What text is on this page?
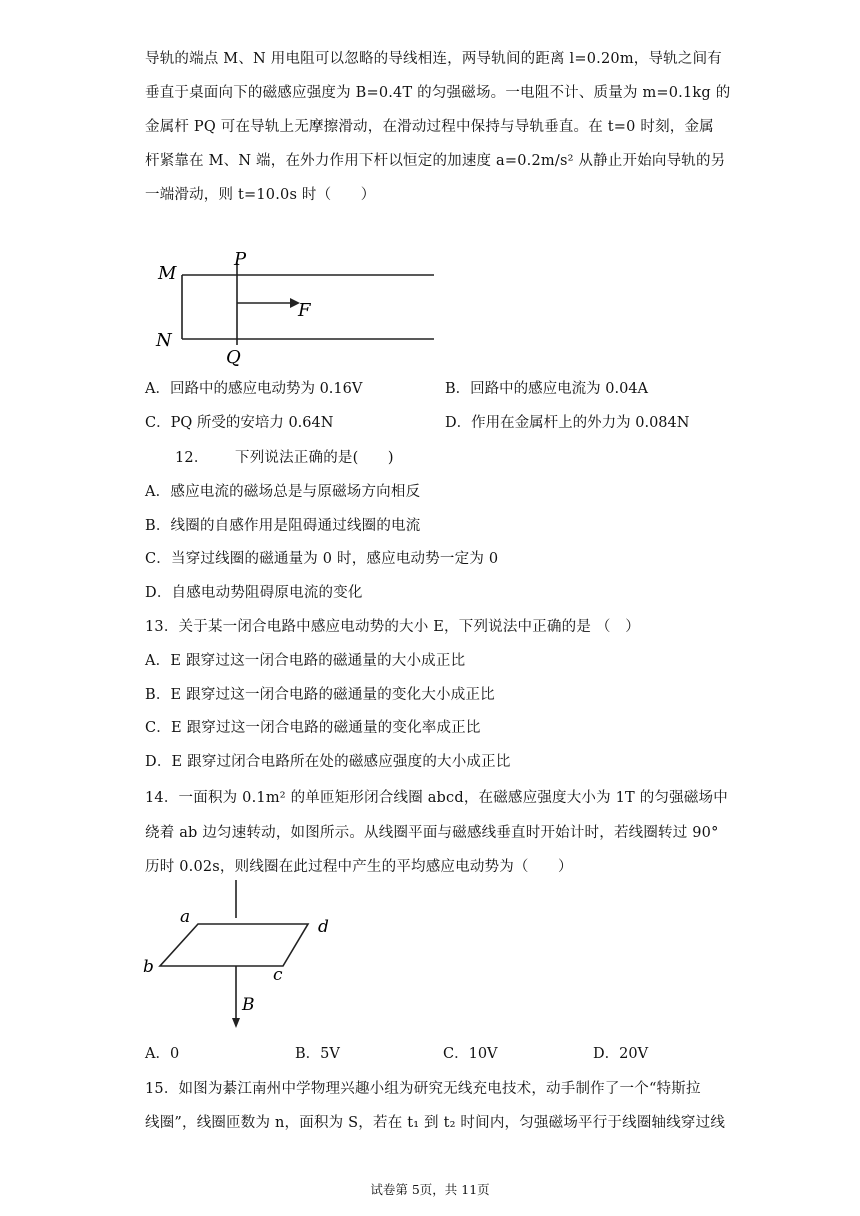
导轨的端点 M、N 用电阻可以忽略的导线相连，两导轨间的距离 l=0.20m，导轨之间有
垂直于桌面向下的磁感应强度为 B=0.4T 的匀强磁场。一电阻不计、质量为 m=0.1kg 的
金属杆 PQ 可在导轨上无摩擦滑动，在滑动过程中保持与导轨垂直。在 t=0 时刻，金属
杆紧靠在 M、N 端，在外力作用下杆以恒定的加速度 a=0.2m/s² 从静止开始向导轨的另
一端滑动，则 t=10.0s 时（　　）
M
N
P
Q
F
A．回路中的感应电动势为 0.16V	B．回路中的感应电流为 0.04A
C．PQ 所受的安培力 0.64N	D．作用在金属杆上的外力为 0.084N
12． 下列说法正确的是(　　)
A．感应电流的磁场总是与原磁场方向相反
B．线圈的自感作用是阻碍通过线圈的电流
C．当穿过线圈的磁通量为 0 时，感应电动势一定为 0
D．自感电动势阻碍原电流的变化
13．关于某一闭合电路中感应电动势的大小 E，下列说法中正确的是 （　）
A．E 跟穿过这一闭合电路的磁通量的大小成正比
B．E 跟穿过这一闭合电路的磁通量的变化大小成正比
C．E 跟穿过这一闭合电路的磁通量的变化率成正比
D．E 跟穿过闭合电路所在处的磁感应强度的大小成正比
14．一面积为 0.1m² 的单匝矩形闭合线圈 abcd，在磁感应强度大小为 1T 的匀强磁场中
绕着 ab 边匀速转动，如图所示。从线圈平面与磁感线垂直时开始计时，若线圈转过 90°
历时 0.02s，则线圈在此过程中产生的平均感应电动势为（　　）
a
b	c
d
B
A．0	B．5V	C．10V	D．20V
15．如图为綦江南州中学物理兴趣小组为研究无线充电技术，动手制作了一个“特斯拉
线圈”，线圈匝数为 n，面积为 S，若在 t₁ 到 t₂ 时间内，匀强磁场平行于线圈轴线穿过线
试卷第 5页，共 11页
